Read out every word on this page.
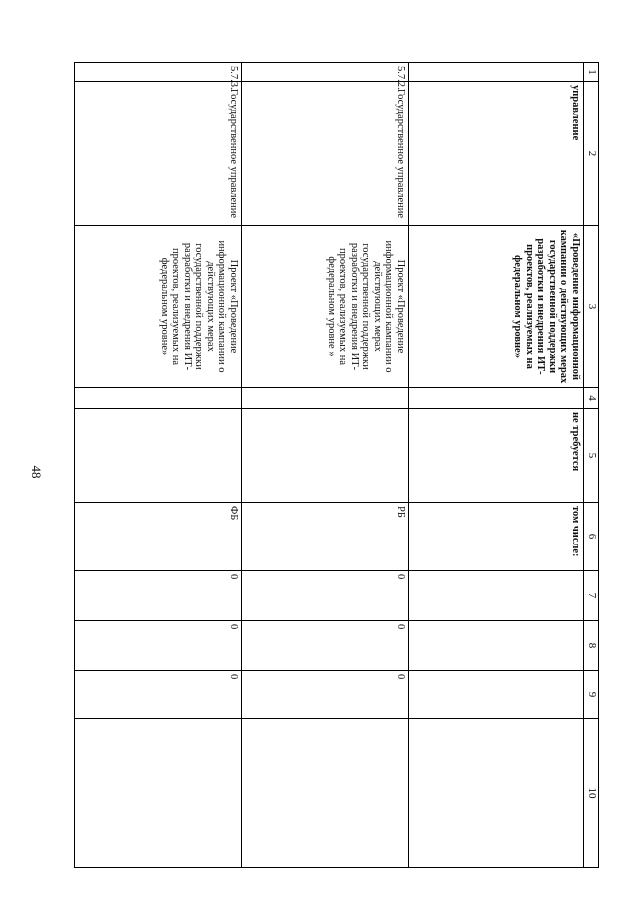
48
1	2	3	4	5	6	7	8	9	10
	управление	«Проведение информационной кампании о действующих мерах государственной поддержки разработки и внедрения ИТ-проектов, реализуемых на федеральном уровне»		не требуется	том числе:				
5.7.2.	Государственное управление	Проект «Проведение информационной кампании о действующих мерах государственной поддержки разработки и внедрения ИТ-проектов, реализуемых на федеральном уровне »			РБ	0	0	0	
5.7.3.	Государственное управление	Проект «Проведение информационной кампании о действующих мерах государственной поддержки разработки и внедрения ИТ-проектов, реализуемых на федеральном уровне»			ФБ	0	0	0	
